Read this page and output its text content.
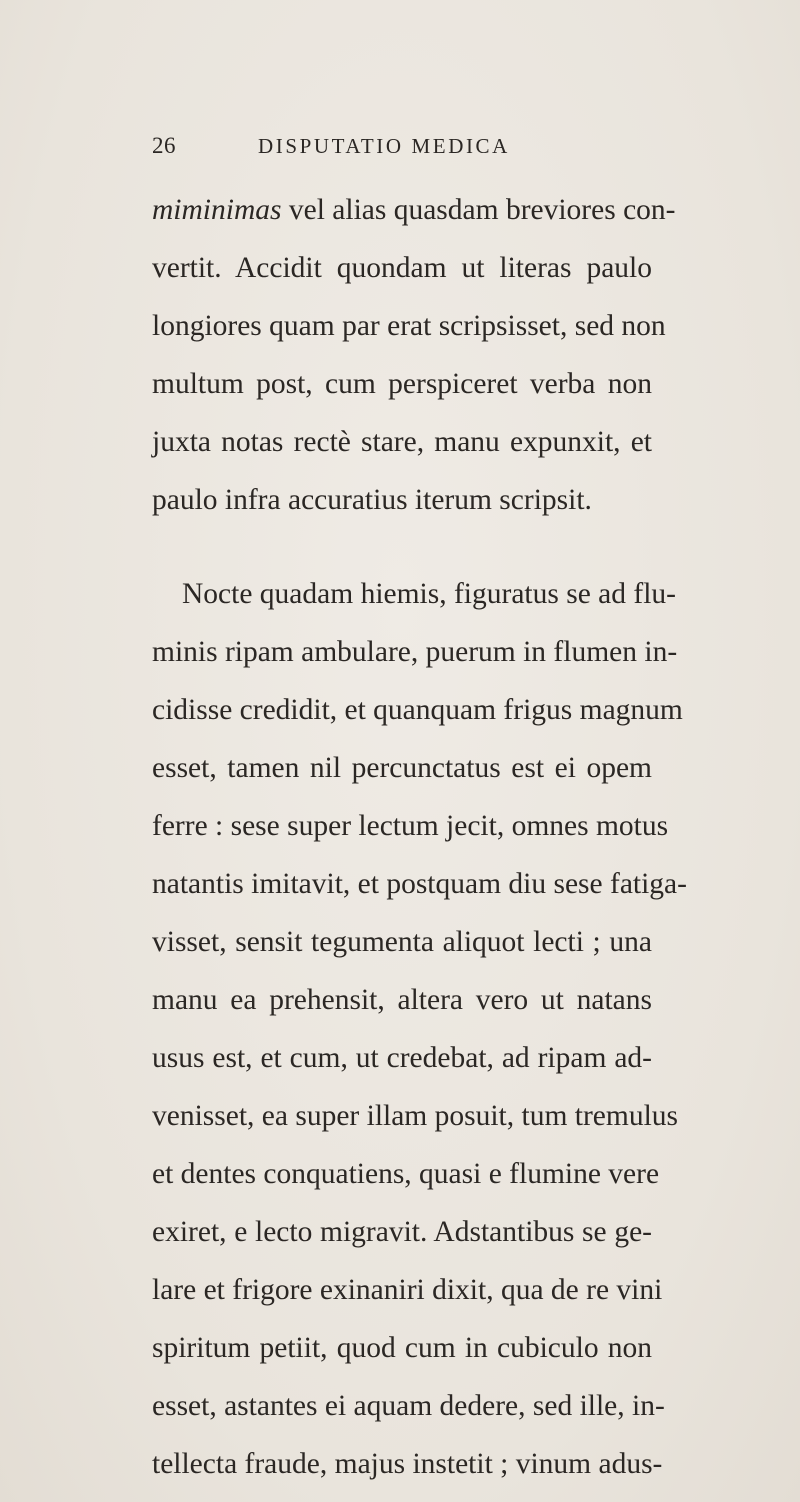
26	DISPUTATIO MEDICA
miminimas vel alias quasdam breviores con-
vertit. Accidit quondam ut literas paulo
longiores quam par erat scripsisset, sed non
multum post, cum perspiceret verba non
juxta notas rectè stare, manu expunxit, et
paulo infra accuratius iterum scripsit.
Nocte quadam hiemis, figuratus se ad flu-
minis ripam ambulare, puerum in flumen in-
cidisse credidit, et quanquam frigus magnum
esset, tamen nil percunctatus est ei opem
ferre : sese super lectum jecit, omnes motus
natantis imitavit, et postquam diu sese fatiga-
visset, sensit tegumenta aliquot lecti ; una
manu ea prehensit, altera vero ut natans
usus est, et cum, ut credebat, ad ripam ad-
venisset, ea super illam posuit, tum tremulus
et dentes conquatiens, quasi e flumine vere
exiret, e lecto migravit. Adstantibus se ge-
lare et frigore exinaniri dixit, qua de re vini
spiritum petiit, quod cum in cubiculo non
esset, astantes ei aquam dedere, sed ille, in-
tellecta fraude, majus instetit ; vinum adus-
